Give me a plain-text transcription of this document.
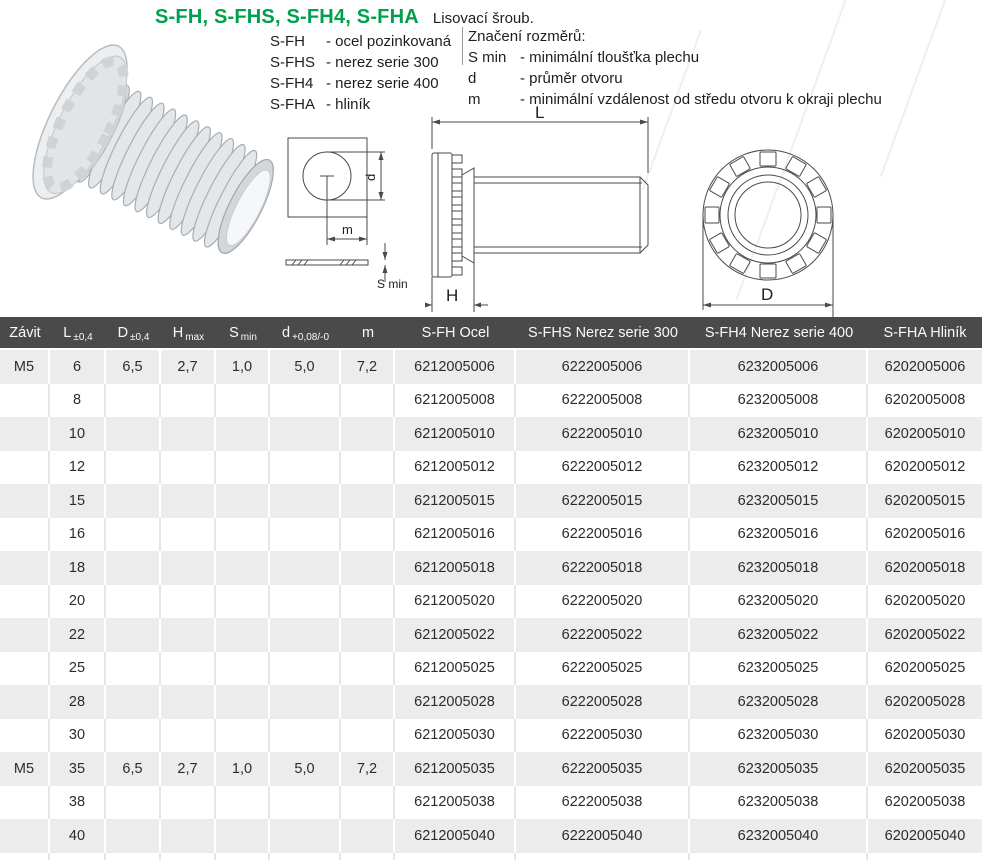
S-FH, S-FHS, S-FH4, S-FHA Lisovací šroub.
S-FH	- ocel pozinkovaná
S-FHS - nerez serie 300
S-FH4 - nerez serie 400
S-FHA - hliník
Značení rozměrů:
S min - minimální tloušťka plechu
d	- průměr otvoru
m	- minimální vzdálenost od středu otvoru k okraji plechu
d
m
S min
L
H	D
Závit	L $_{\pm 0,4}$	D $_{\pm 0,4}$	H $_{max}$	S $_{min}$	d $_{+0,08/-0}$	m	S-FH Ocel	S-FHS Nerez serie 300	S-FH4 Nerez serie 400	S-FHA Hliník
M5	6	6,5	2,7	1,0	5,0	7,2	6212005006	6222005006	6232005006	6202005006
	8						6212005008	6222005008	6232005008	6202005008
	10						6212005010	6222005010	6232005010	6202005010
	12						6212005012	6222005012	6232005012	6202005012
	15						6212005015	6222005015	6232005015	6202005015
	16						6212005016	6222005016	6232005016	6202005016
	18						6212005018	6222005018	6232005018	6202005018
	20						6212005020	6222005020	6232005020	6202005020
	22						6212005022	6222005022	6232005022	6202005022
	25						6212005025	6222005025	6232005025	6202005025
	28						6212005028	6222005028	6232005028	6202005028
	30						6212005030	6222005030	6232005030	6202005030
M5	35	6,5	2,7	1,0	5,0	7,2	6212005035	6222005035	6232005035	6202005035
	38						6212005038	6222005038	6232005038	6202005038
	40						6212005040	6222005040	6232005040	6202005040
